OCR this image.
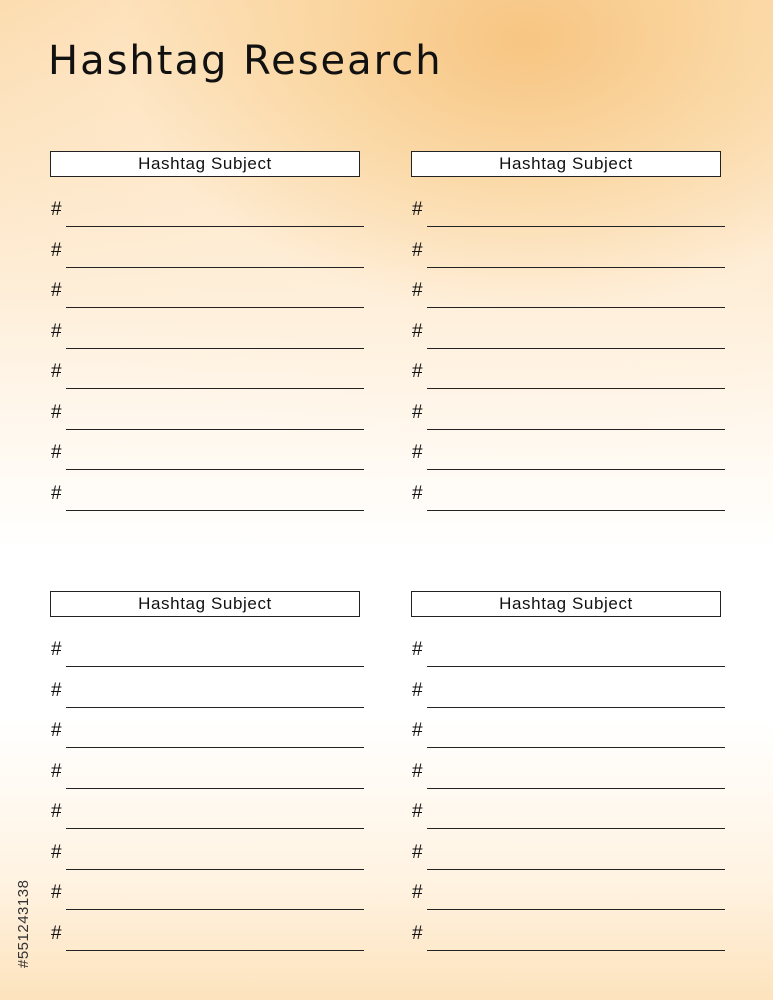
Hashtag Research
Hashtag Subject
#
#
#
#
#
#
#
#
Hashtag Subject
#
#
#
#
#
#
#
#
Hashtag Subject
#
#
#
#
#
#
#
#
Hashtag Subject
#
#
#
#
#
#
#
#
#551243138
